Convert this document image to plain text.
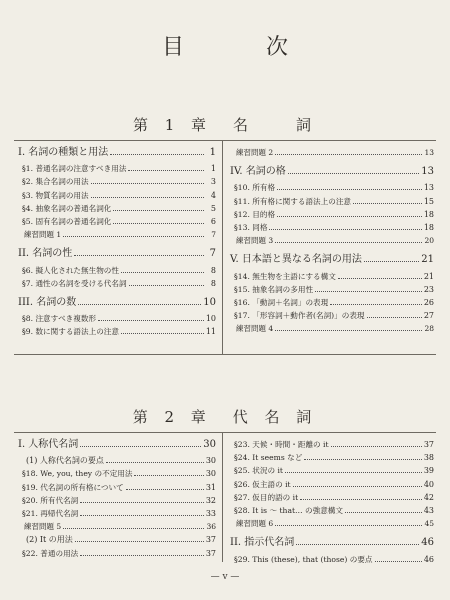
目　次
第 1 章　名　　詞
I. 名詞の種類と用法	1
§1. 普通名詞の注意すべき用法	1
§2. 集合名詞の用法	3
§3. 物質名詞の用法	4
§4. 抽象名詞の普通名詞化	5
§5. 固有名詞の普通名詞化	6
練習問題 1	7
II. 名詞の性	7
§6. 擬人化された無生物の性	8
§7. 通性の名詞を受ける代名詞	8
III. 名詞の数	10
§8. 注意すべき複数形	10
§9. 数に関する語法上の注意	11
練習問題 2	13
IV. 名詞の格	13
§10. 所有格	13
§11. 所有格に関する語法上の注意	15
§12. 目的格	18
§13. 同格	18
練習問題 3	20
V. 日本語と異なる名詞の用法	21
§14. 無生物を主語にする構文	21
§15. 抽象名詞の多用性	23
§16. 「動詞＋名詞」の表現	26
§17. 「形容詞＋動作者(名詞)」の表現	27
練習問題 4	28
第 2 章　代 名 詞
I. 人称代名詞	30
(1) 人称代名詞の要点	30
§18. We, you, they の不定用法	30
§19. 代名詞の所有格について	31
§20. 所有代名詞	32
§21. 再帰代名詞	33
練習問題 5	36
(2) It の用法	37
§22. 普通の用法	37
§23. 天候・時間・距離の it	37
§24. It seems など	38
§25. 状況の it	39
§26. 仮主語の it	40
§27. 仮目的語の it	42
§28. It is ～ that… の強意構文	43
練習問題 6	45
II. 指示代名詞	46
§29. This (these), that (those) の要点	46
— v —
